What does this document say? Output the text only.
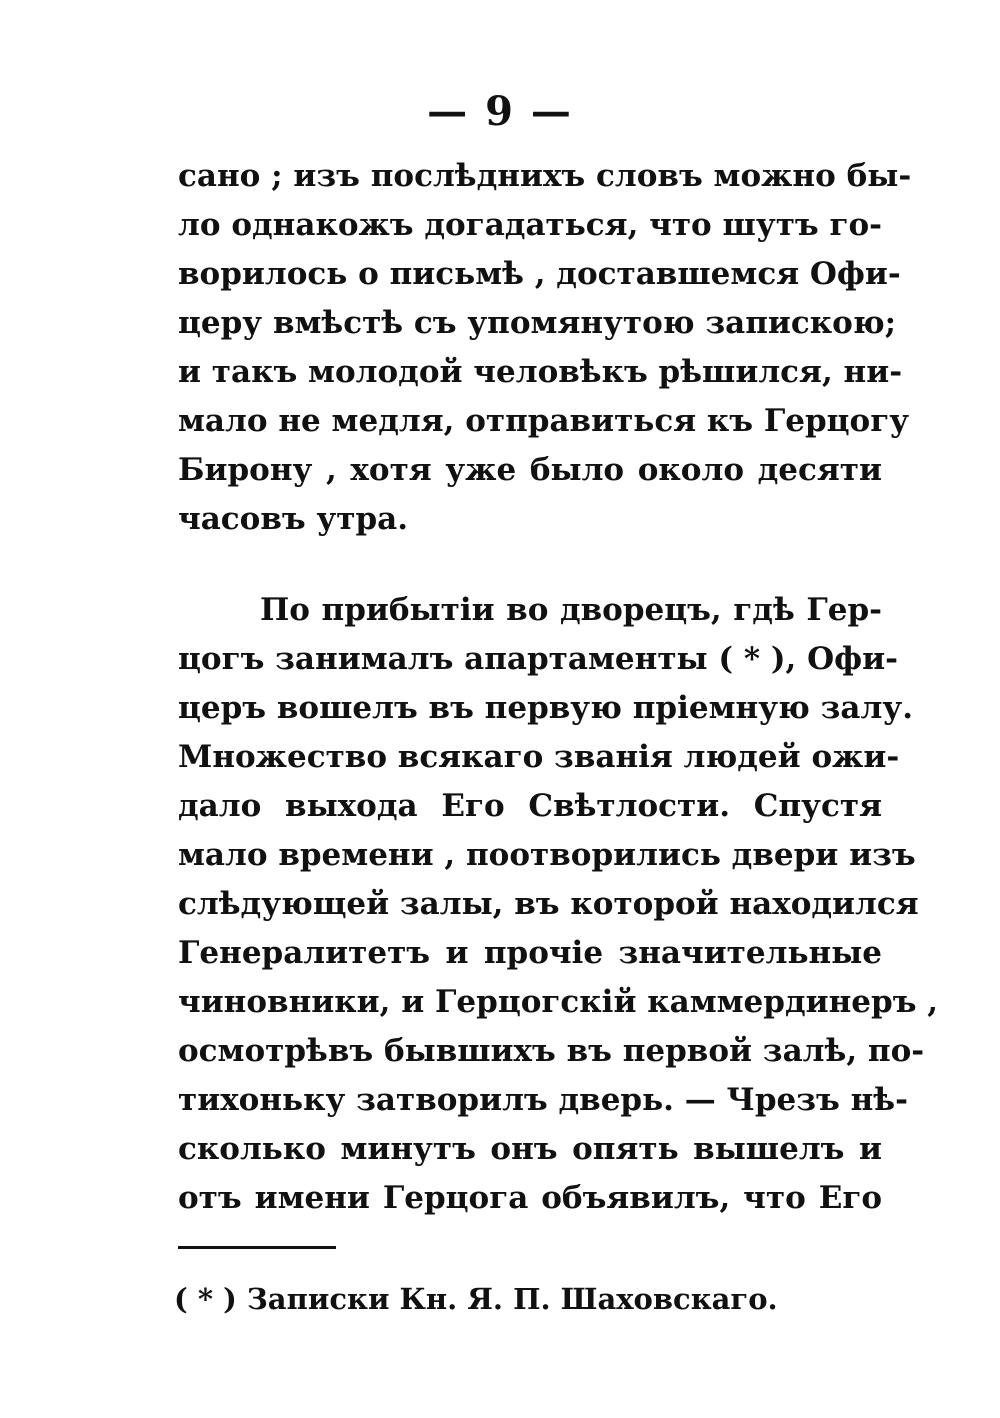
— 9 —
сано ; изъ послѣднихъ словъ можно бы-
ло однакожъ догадаться, что шутъ го-
ворилось о письмѣ , доставшемся Офи-
церу вмѣстѣ съ упомянутою запискою;
и такъ молодой человѣкъ рѣшился, ни-
мало не медля, отправиться къ Герцогу
Бирону , хотя уже было около десяти
часовъ утра.
По прибытіи во дворецъ, гдѣ Гер-
цогъ занималъ апартаменты ( * ), Офи-
церъ вошелъ въ первую пріемную залу.
Множество всякаго званія людей ожи-
дало выхода Его Свѣтлости. Спустя
мало времени , поотворились двери изъ
слѣдующей залы, въ которой находился
Генералитетъ и прочіе значительные
чиновники, и Герцогскій каммердинеръ ,
осмотрѣвъ бывшихъ въ первой залѣ, по-
тихоньку затворилъ дверь. — Чрезъ нѣ-
сколько минутъ онъ опять вышелъ и
отъ имени Герцога объявилъ, что Его
( * ) Записки Кн. Я. П. Шаховскаго.
